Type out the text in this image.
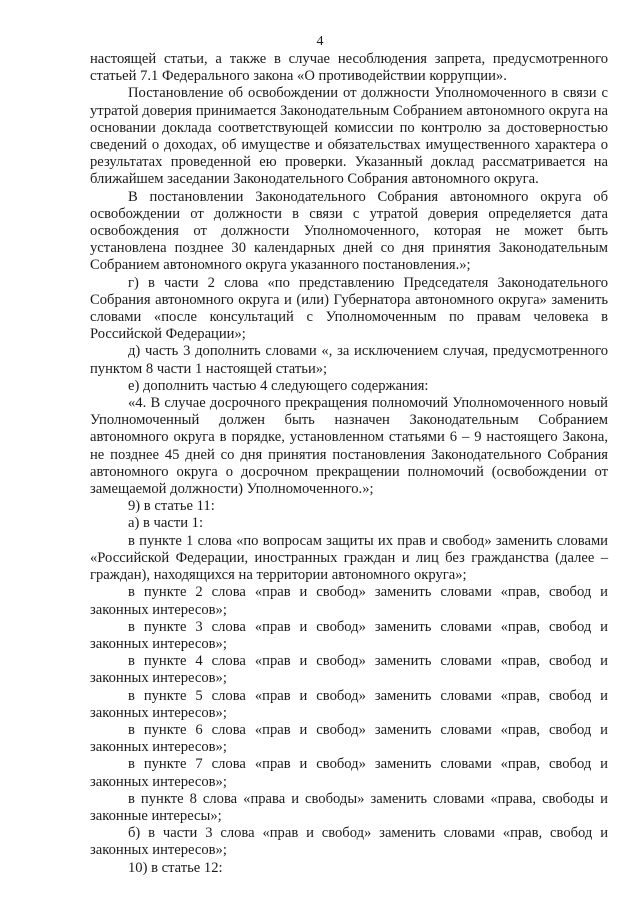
4

настоящей статьи, а также в случае несоблюдения запрета, предусмотренного статьей 7.1 Федерального закона «О противодействии коррупции».

Постановление об освобождении от должности Уполномоченного в связи с утратой доверия принимается Законодательным Собранием автономного округа на основании доклада соответствующей комиссии по контролю за достоверностью сведений о доходах, об имуществе и обязательствах имущественного характера о результатах проведенной ею проверки. Указанный доклад рассматривается на ближайшем заседании Законодательного Собрания автономного округа.

В постановлении Законодательного Собрания автономного округа об освобождении от должности в связи с утратой доверия определяется дата освобождения от должности Уполномоченного, которая не может быть установлена позднее 30 календарных дней со дня принятия Законодательным Собранием автономного округа указанного постановления.»;

г) в части 2 слова «по представлению Председателя Законодательного Собрания автономного округа и (или) Губернатора автономного округа» заменить словами «после консультаций с Уполномоченным по правам человека в Российской Федерации»;

д) часть 3 дополнить словами «, за исключением случая, предусмотренного пунктом 8 части 1 настоящей статьи»;

е) дополнить частью 4 следующего содержания:

«4. В случае досрочного прекращения полномочий Уполномоченного новый Уполномоченный должен быть назначен Законодательным Собранием автономного округа в порядке, установленном статьями 6 – 9 настоящего Закона, не позднее 45 дней со дня принятия постановления Законодательного Собрания автономного округа о досрочном прекращении полномочий (освобождении от замещаемой должности) Уполномоченного.»;

9) в статье 11:

а) в части 1:

в пункте 1 слова «по вопросам защиты их прав и свобод» заменить словами «Российской Федерации, иностранных граждан и лиц без гражданства (далее – граждан), находящихся на территории автономного округа»;

в пункте 2 слова «прав и свобод» заменить словами «прав, свобод и законных интересов»;

в пункте 3 слова «прав и свобод» заменить словами «прав, свобод и законных интересов»;

в пункте 4 слова «прав и свобод» заменить словами «прав, свобод и законных интересов»;

в пункте 5 слова «прав и свобод» заменить словами «прав, свобод и законных интересов»;

в пункте 6 слова «прав и свобод» заменить словами «прав, свобод и законных интересов»;

в пункте 7 слова «прав и свобод» заменить словами «прав, свобод и законных интересов»;

в пункте 8 слова «права и свободы» заменить словами «права, свободы и законные интересы»;

б) в части 3 слова «прав и свобод» заменить словами «прав, свобод и законных интересов»;

10) в статье 12:
